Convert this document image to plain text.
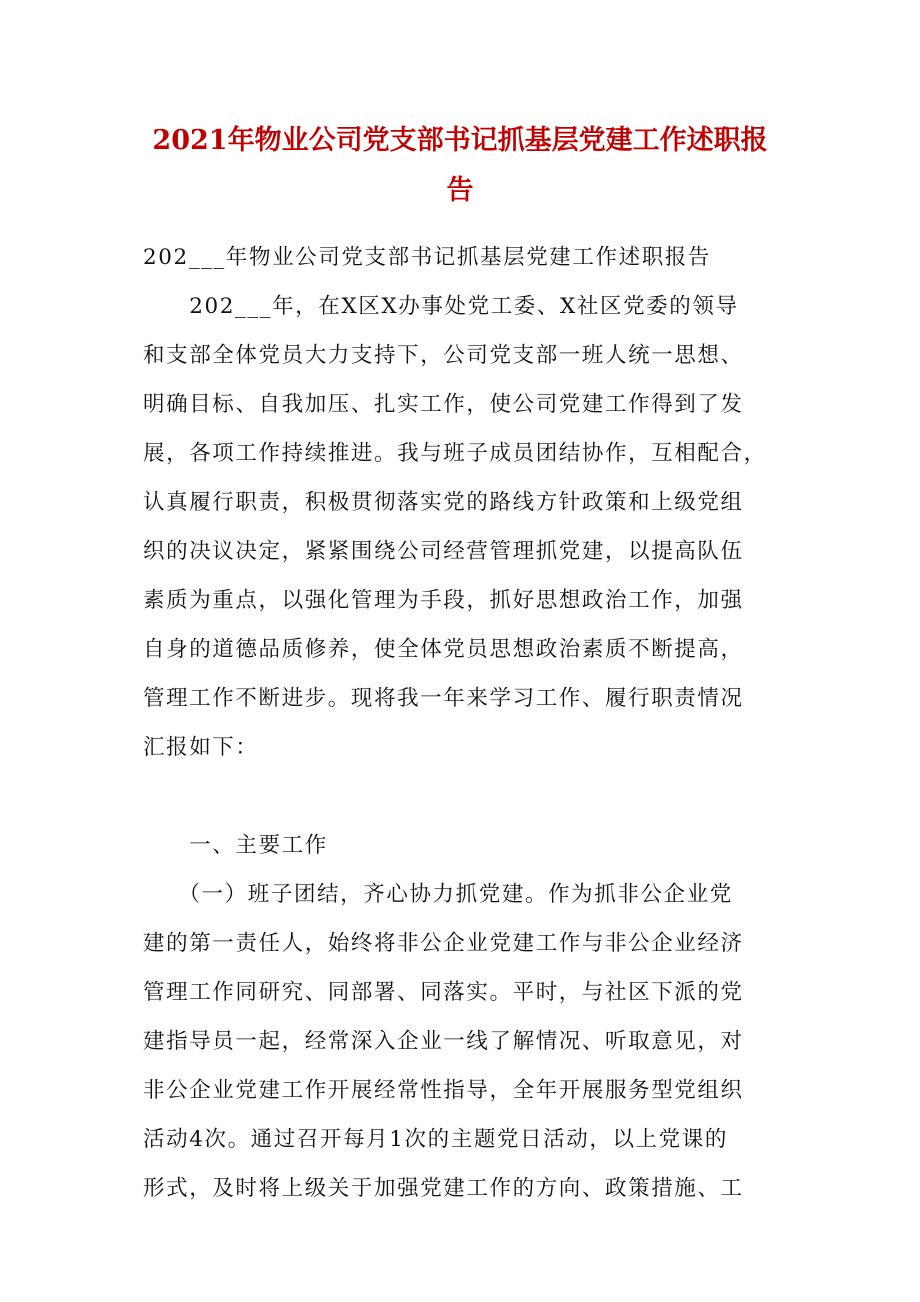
2021年物业公司党支部书记抓基层党建工作述职报
告
202___年物业公司党支部书记抓基层党建工作述职报告
　　202___年，在X区X办事处党工委、X社区党委的领导
和支部全体党员大力支持下，公司党支部一班人统一思想、
明确目标、自我加压、扎实工作，使公司党建工作得到了发
展，各项工作持续推进。我与班子成员团结协作，互相配合，
认真履行职责，积极贯彻落实党的路线方针政策和上级党组
织的决议决定，紧紧围绕公司经营管理抓党建，以提高队伍
素质为重点，以强化管理为手段，抓好思想政治工作，加强
自身的道德品质修养，使全体党员思想政治素质不断提高，
管理工作不断进步。现将我一年来学习工作、履行职责情况
汇报如下：
　　一、主要工作
　　（一）班子团结，齐心协力抓党建。作为抓非公企业党
建的第一责任人，始终将非公企业党建工作与非公企业经济
管理工作同研究、同部署、同落实。平时，与社区下派的党
建指导员一起，经常深入企业一线了解情况、听取意见，对
非公企业党建工作开展经常性指导，全年开展服务型党组织
活动4次。通过召开每月1次的主题党日活动，以上党课的
形式，及时将上级关于加强党建工作的方向、政策措施、工
